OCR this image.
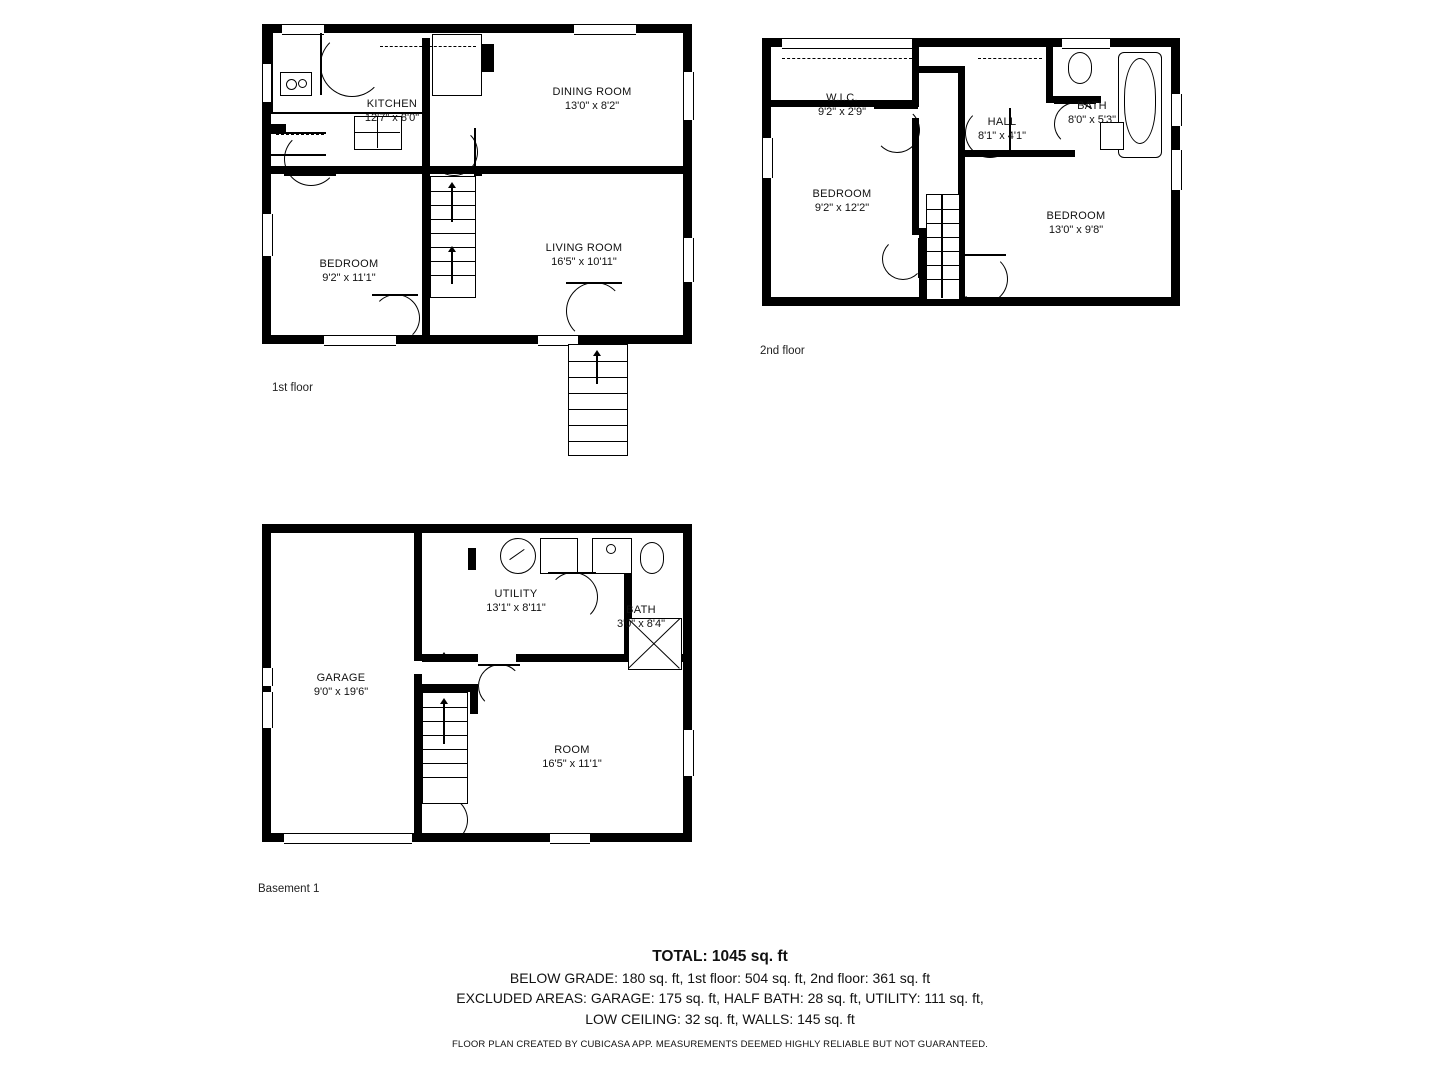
KITCHEN
12'7" x 8'0"
DINING ROOM
13'0" x 8'2"
BEDROOM
9'2" x 11'1"
LIVING ROOM
16'5" x 10'11"
1st floor
W.I.C.
9'2" x 2'9"
HALL
8'1" x 4'1"
BATH
8'0" x 5'3"
BEDROOM
9'2" x 12'2"
BEDROOM
13'0" x 9'8"
2nd floor
GARAGE
9'0" x 19'6"
UTILITY
13'1" x 8'11"	BATH
3'0" x 8'4"
ROOM
16'5" x 11'1"
Basement 1
TOTAL: 1045 sq. ft
BELOW GRADE: 180 sq. ft, 1st floor: 504 sq. ft, 2nd floor: 361 sq. ft
EXCLUDED AREAS: GARAGE: 175 sq. ft, HALF BATH: 28 sq. ft, UTILITY: 111 sq. ft,
LOW CEILING: 32 sq. ft, WALLS: 145 sq. ft
FLOOR PLAN CREATED BY CUBICASA APP. MEASUREMENTS DEEMED HIGHLY RELIABLE BUT NOT GUARANTEED.
